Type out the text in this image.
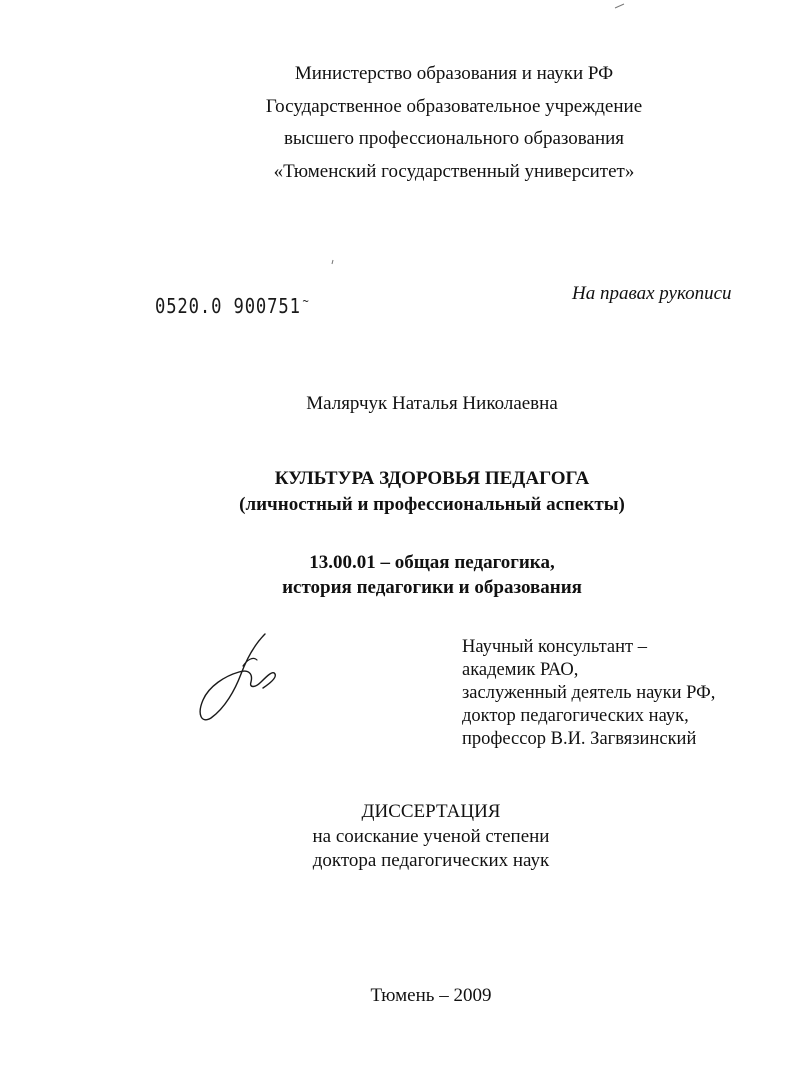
Министерство образования и науки РФ
Государственное образовательное учреждение
высшего профессионального образования
«Тюменский государственный университет»
0520.0 900751 ~	На правах рукописи
Малярчук Наталья Николаевна
КУЛЬТУРА ЗДОРОВЬЯ ПЕДАГОГА
(личностный и профессиональный аспекты)
13.00.01 – общая педагогика,
история педагогики и образования
Научный консультант –
академик РАО,
заслуженный деятель науки РФ,
доктор педагогических наук,
профессор В.И. Загвязинский
ДИССЕРТАЦИЯ
на соискание ученой степени
доктора педагогических наук
Тюмень – 2009
